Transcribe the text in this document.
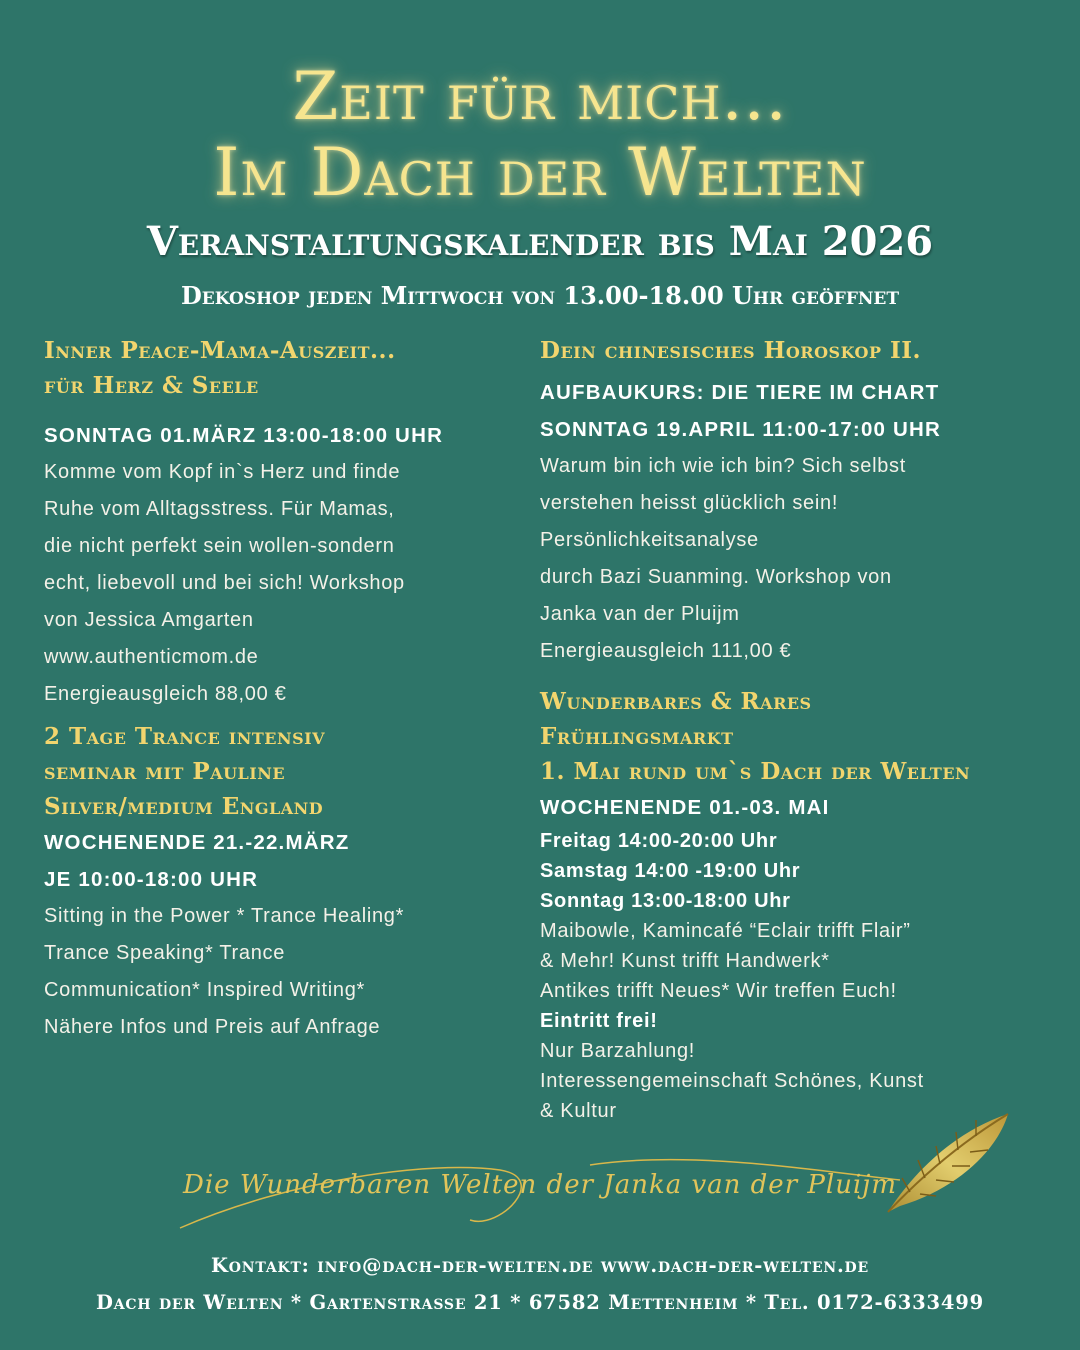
Zeit für mich...
Im Dach der Welten
Veranstaltungskalender bis Mai 2026

Dekoshop jeden Mittwoch von 13.00-18.00 Uhr geöffnet

Inner Peace-Mama-Auszeit...
für Herz & Seele
SONNTAG 01.MÄRZ 13:00-18:00 UHR
Komme vom Kopf in`s Herz und finde
Ruhe vom Alltagsstress. Für Mamas,
die nicht perfekt sein wollen-sondern
echt, liebevoll und bei sich! Workshop
von Jessica Amgarten
www.authenticmom.de
Energieausgleich 88,00 €
2 Tage Trance intensiv
seminar mit Pauline
Silver/medium England
WOCHENENDE 21.-22.MÄRZ
JE 10:00-18:00 UHR
Sitting in the Power * Trance Healing*
Trance Speaking* Trance
Communication* Inspired Writing*
Nähere Infos und Preis auf Anfrage
Dein chinesisches Horoskop II.
AUFBAUKURS: DIE TIERE IM CHART
SONNTAG 19.APRIL 11:00-17:00 UHR
Warum bin ich wie ich bin? Sich selbst
verstehen heisst glücklich sein!
Persönlichkeitsanalyse
durch Bazi Suanming. Workshop von
Janka van der Pluijm
Energieausgleich 111,00 €
Wunderbares & Rares
Frühlingsmarkt
1. Mai rund um`s Dach der Welten
WOCHENENDE 01.-03. MAI
Freitag 14:00-20:00 Uhr
Samstag 14:00 -19:00 Uhr
Sonntag 13:00-18:00 Uhr
Maibowle, Kamincafé “Eclair trifft Flair”
& Mehr! Kunst trifft Handwerk*
Antikes trifft Neues* Wir treffen Euch!
Eintritt frei!
Nur Barzahlung!
Interessengemeinschaft Schönes, Kunst
& Kultur
Die Wunderbaren Welten der Janka van der Pluijm
Kontakt: info@dach-der-welten.de www.dach-der-welten.de
Dach der Welten * Gartenstrasse 21 * 67582 Mettenheim * Tel. 0172-6333499
